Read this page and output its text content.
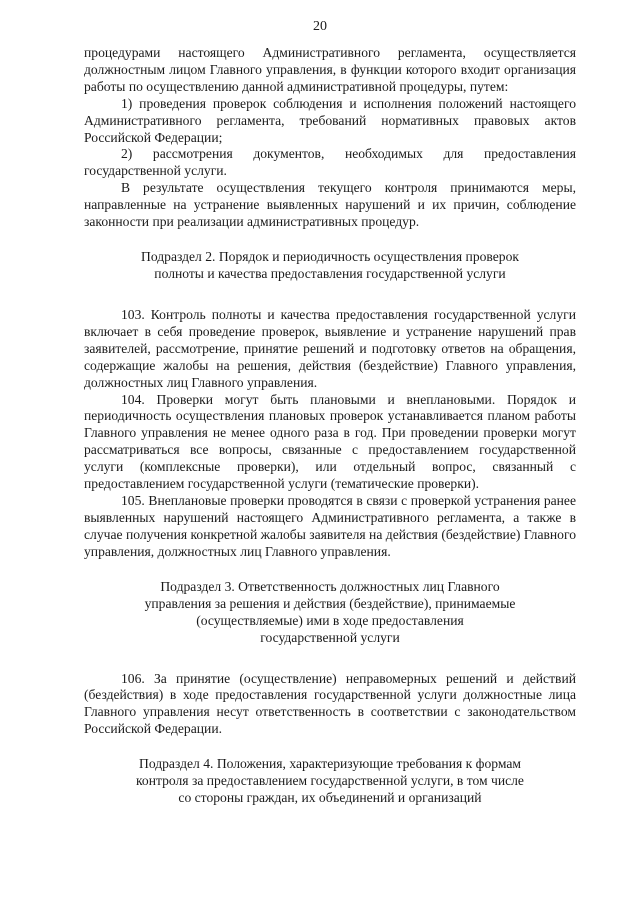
20

процедурами настоящего Административного регламента, осуществляется должностным лицом Главного управления, в функции которого входит организация работы по осуществлению данной административной процедуры, путем:

1) проведения проверок соблюдения и исполнения положений настоящего Административного регламента, требований нормативных правовых актов Российской Федерации;

2) рассмотрения документов, необходимых для предоставления государственной услуги.

В результате осуществления текущего контроля принимаются меры, направленные на устранение выявленных нарушений и их причин, соблюдение законности при реализации административных процедур.

Подраздел 2. Порядок и периодичность осуществления проверок
полноты и качества предоставления государственной услуги

103. Контроль полноты и качества предоставления государственной услуги включает в себя проведение проверок, выявление и устранение нарушений прав заявителей, рассмотрение, принятие решений и подготовку ответов на обращения, содержащие жалобы на решения, действия (бездействие) Главного управления, должностных лиц Главного управления.

104. Проверки могут быть плановыми и внеплановыми. Порядок и периодичность осуществления плановых проверок устанавливается планом работы Главного управления не менее одного раза в год. При проведении проверки могут рассматриваться все вопросы, связанные с предоставлением государственной услуги (комплексные проверки), или отдельный вопрос, связанный с предоставлением государственной услуги (тематические проверки).

105. Внеплановые проверки проводятся в связи с проверкой устранения ранее выявленных нарушений настоящего Административного регламента, а также в случае получения конкретной жалобы заявителя на действия (бездействие) Главного управления, должностных лиц Главного управления.

Подраздел 3. Ответственность должностных лиц Главного
управления за решения и действия (бездействие), принимаемые
(осуществляемые) ими в ходе предоставления
государственной услуги

106. За принятие (осуществление) неправомерных решений и действий (бездействия) в ходе предоставления государственной услуги должностные лица Главного управления несут ответственность в соответствии с законодательством Российской Федерации.

Подраздел 4. Положения, характеризующие требования к формам
контроля за предоставлением государственной услуги, в том числе
со стороны граждан, их объединений и организаций
